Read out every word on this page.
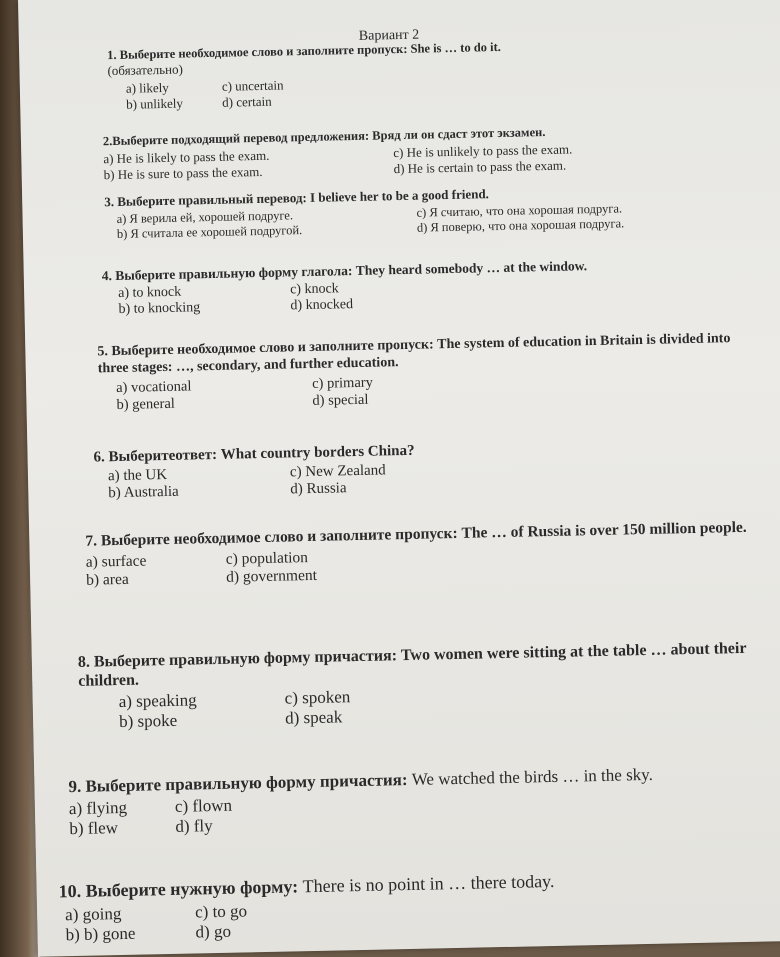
Вариант 2

1. Выберите необходимое слово и заполните пропуск: She is … to do it.

(обязательно)
a) likely
b) unlikely
c) uncertain
d) certain

2.Выберите подходящий перевод предложения: Вряд ли он сдаст этот экзамен.

a) He is likely to pass the exam.
b) He is sure to pass the exam.
c) He is unlikely to pass the exam.
d) He is certain to pass the exam.

3. Выберите правильный перевод: I believe her to be a good friend.

a) Я верила ей, хорошей подруге.
b) Я считала ее хорошей подругой.
c) Я считаю, что она хорошая подруга.
d) Я поверю, что она хорошая подруга.

4. Выберите правильную форму глагола: They heard somebody … at the window.

a) to knock
b) to knocking
c) knock
d) knocked

5. Выберите необходимое слово и заполните пропуск: The system of education in Britain is divided into three stages: …, secondary, and further education.

a) vocational
b) general
c) primary
d) special

6. Выберитеответ: What country borders China?

a) the UK
b) Australia
c) New Zealand
d) Russia

7. Выберите необходимое слово и заполните пропуск: The … of Russia is over 150 million people.

a) surface
b) area
c) population
d) government

8. Выберите правильную форму причастия: Two women were sitting at the table … about their children.

a) speaking
b) spoke
c) spoken
d) speak

9. Выберите правильную форму причастия: We watched the birds … in the sky.

a) flying
b) flew
c) flown
d) fly

10. Выберите нужную форму: There is no point in … there today.

a) going
b) b) gone
c) to go
d) go
